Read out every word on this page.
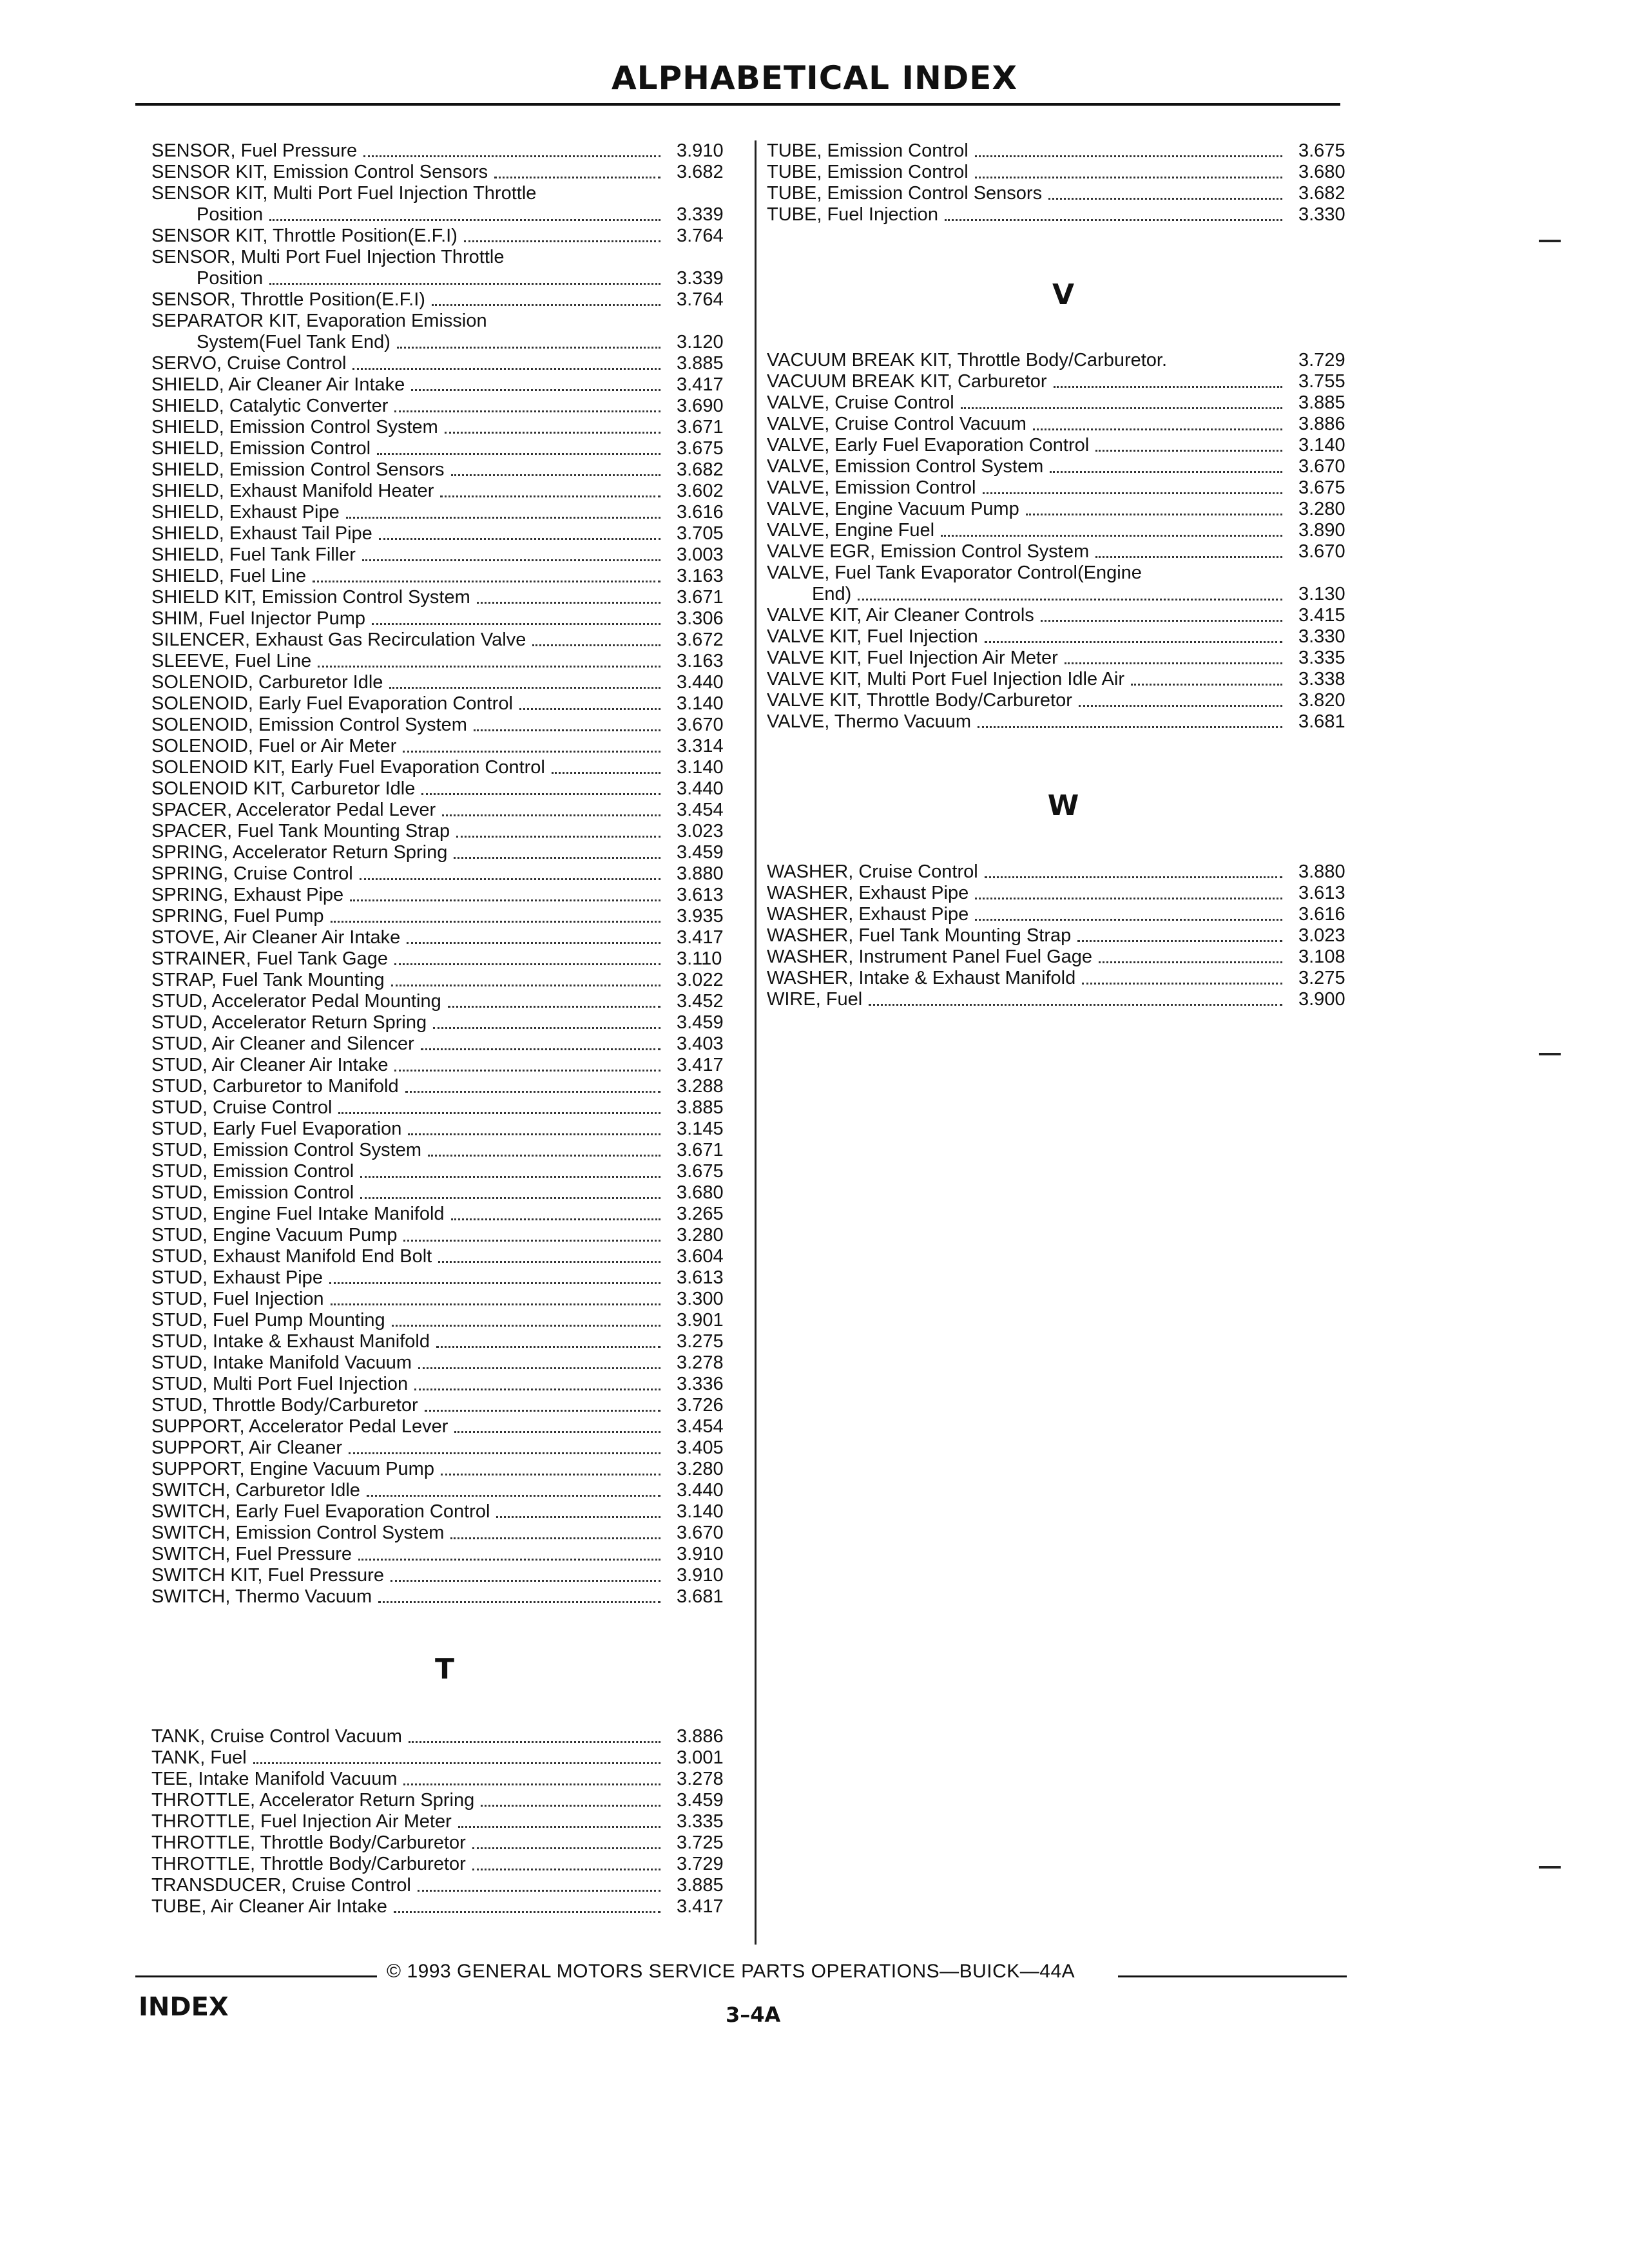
ALPHABETICAL INDEX
SENSOR, Fuel Pressure	3.910
SENSOR KIT, Emission Control Sensors	3.682
SENSOR KIT, Multi Port Fuel Injection Throttle
Position	3.339
SENSOR KIT, Throttle Position(E.F.I)	3.764
SENSOR, Multi Port Fuel Injection Throttle
Position	3.339
SENSOR, Throttle Position(E.F.I)	3.764
SEPARATOR KIT, Evaporation Emission
System(Fuel Tank End)	3.120
SERVO, Cruise Control	3.885
SHIELD, Air Cleaner Air Intake	3.417
SHIELD, Catalytic Converter	3.690
SHIELD, Emission Control System	3.671
SHIELD, Emission Control	3.675
SHIELD, Emission Control Sensors	3.682
SHIELD, Exhaust Manifold Heater	3.602
SHIELD, Exhaust Pipe	3.616
SHIELD, Exhaust Tail Pipe	3.705
SHIELD, Fuel Tank Filler	3.003
SHIELD, Fuel Line	3.163
SHIELD KIT, Emission Control System	3.671
SHIM, Fuel Injector Pump	3.306
SILENCER, Exhaust Gas Recirculation Valve	3.672
SLEEVE, Fuel Line	3.163
SOLENOID, Carburetor Idle	3.440
SOLENOID, Early Fuel Evaporation Control	3.140
SOLENOID, Emission Control System	3.670
SOLENOID, Fuel or Air Meter	3.314
SOLENOID KIT, Early Fuel Evaporation Control	3.140
SOLENOID KIT, Carburetor Idle	3.440
SPACER, Accelerator Pedal Lever	3.454
SPACER, Fuel Tank Mounting Strap	3.023
SPRING, Accelerator Return Spring	3.459
SPRING, Cruise Control	3.880
SPRING, Exhaust Pipe	3.613
SPRING, Fuel Pump	3.935
STOVE, Air Cleaner Air Intake	3.417
STRAINER, Fuel Tank Gage	3.110
STRAP, Fuel Tank Mounting	3.022
STUD, Accelerator Pedal Mounting	3.452
STUD, Accelerator Return Spring	3.459
STUD, Air Cleaner and Silencer	3.403
STUD, Air Cleaner Air Intake	3.417
STUD, Carburetor to Manifold	3.288
STUD, Cruise Control	3.885
STUD, Early Fuel Evaporation	3.145
STUD, Emission Control System	3.671
STUD, Emission Control	3.675
STUD, Emission Control	3.680
STUD, Engine Fuel Intake Manifold	3.265
STUD, Engine Vacuum Pump	3.280
STUD, Exhaust Manifold End Bolt	3.604
STUD, Exhaust Pipe	3.613
STUD, Fuel Injection	3.300
STUD, Fuel Pump Mounting	3.901
STUD, Intake & Exhaust Manifold	3.275
STUD, Intake Manifold Vacuum	3.278
STUD, Multi Port Fuel Injection	3.336
STUD, Throttle Body/Carburetor	3.726
SUPPORT, Accelerator Pedal Lever	3.454
SUPPORT, Air Cleaner	3.405
SUPPORT, Engine Vacuum Pump	3.280
SWITCH, Carburetor Idle	3.440
SWITCH, Early Fuel Evaporation Control	3.140
SWITCH, Emission Control System	3.670
SWITCH, Fuel Pressure	3.910
SWITCH KIT, Fuel Pressure	3.910
SWITCH, Thermo Vacuum	3.681
T
TANK, Cruise Control Vacuum	3.886
TANK, Fuel	3.001
TEE, Intake Manifold Vacuum	3.278
THROTTLE, Accelerator Return Spring	3.459
THROTTLE, Fuel Injection Air Meter	3.335
THROTTLE, Throttle Body/Carburetor	3.725
THROTTLE, Throttle Body/Carburetor	3.729
TRANSDUCER, Cruise Control	3.885
TUBE, Air Cleaner Air Intake	3.417
TUBE, Emission Control	3.675
TUBE, Emission Control	3.680
TUBE, Emission Control Sensors	3.682
TUBE, Fuel Injection	3.330
V
VACUUM BREAK KIT, Throttle Body/Carburetor.	3.729
VACUUM BREAK KIT, Carburetor	3.755
VALVE, Cruise Control	3.885
VALVE, Cruise Control Vacuum	3.886
VALVE, Early Fuel Evaporation Control	3.140
VALVE, Emission Control System	3.670
VALVE, Emission Control	3.675
VALVE, Engine Vacuum Pump	3.280
VALVE, Engine Fuel	3.890
VALVE EGR, Emission Control System	3.670
VALVE, Fuel Tank Evaporator Control(Engine
End)	3.130
VALVE KIT, Air Cleaner Controls	3.415
VALVE KIT, Fuel Injection	3.330
VALVE KIT, Fuel Injection Air Meter	3.335
VALVE KIT, Multi Port Fuel Injection Idle Air	3.338
VALVE KIT, Throttle Body/Carburetor	3.820
VALVE, Thermo Vacuum	3.681
W
WASHER, Cruise Control	3.880
WASHER, Exhaust Pipe	3.613
WASHER, Exhaust Pipe	3.616
WASHER, Fuel Tank Mounting Strap	3.023
WASHER, Instrument Panel Fuel Gage	3.108
WASHER, Intake & Exhaust Manifold	3.275
WIRE, Fuel	3.900
© 1993 GENERAL MOTORS SERVICE PARTS OPERATIONS—BUICK—44A
INDEX	3–4A
